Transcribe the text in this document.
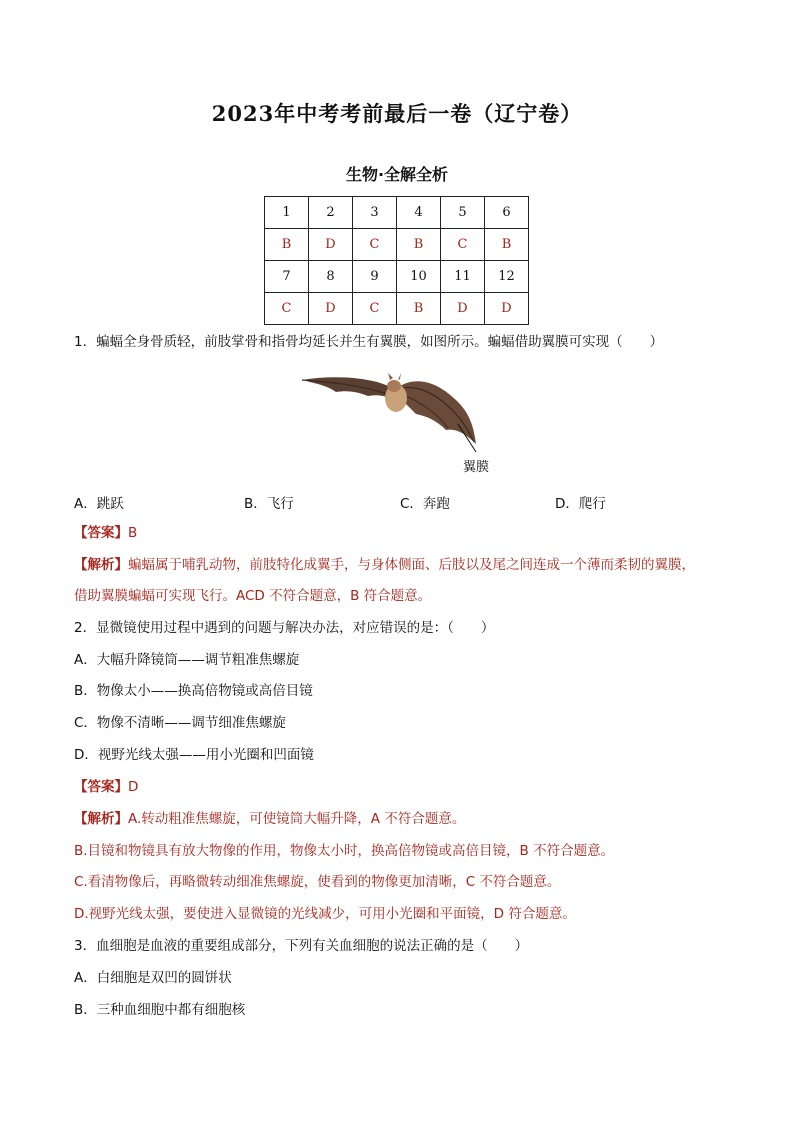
2023年中考考前最后一卷（辽宁卷）
生物·全解全析
1	2	3	4	5	6
B	D	C	B	C	B
7	8	9	10	11	12
C	D	C	B	D	D
1．蝙蝠全身骨质轻，前肢掌骨和指骨均延长并生有翼膜，如图所示。蝙蝠借助翼膜可实现（　　）
翼膜
A．跳跃	B．飞行	C．奔跑	D．爬行
【答案】B
【解析】蝙蝠属于哺乳动物，前肢特化成翼手，与身体侧面、后肢以及尾之间连成一个薄而柔韧的翼膜，
借助翼膜蝙蝠可实现飞行。ACD 不符合题意，B 符合题意。
2．显微镜使用过程中遇到的问题与解决办法，对应错误的是：（　　）
A．大幅升降镜筒——调节粗准焦螺旋
B．物像太小——换高倍物镜或高倍目镜
C．物像不清晰——调节细准焦螺旋
D．视野光线太强——用小光圈和凹面镜
【答案】D
【解析】A.转动粗准焦螺旋，可使镜筒大幅升降，A 不符合题意。
B.目镜和物镜具有放大物像的作用，物像太小时，换高倍物镜或高倍目镜，B 不符合题意。
C.看清物像后，再略微转动细准焦螺旋，使看到的物像更加清晰，C 不符合题意。
D.视野光线太强，要使进入显微镜的光线减少，可用小光圈和平面镜，D 符合题意。
3．血细胞是血液的重要组成部分，下列有关血细胞的说法正确的是（　　）
A．白细胞是双凹的圆饼状
B．三种血细胞中都有细胞核
